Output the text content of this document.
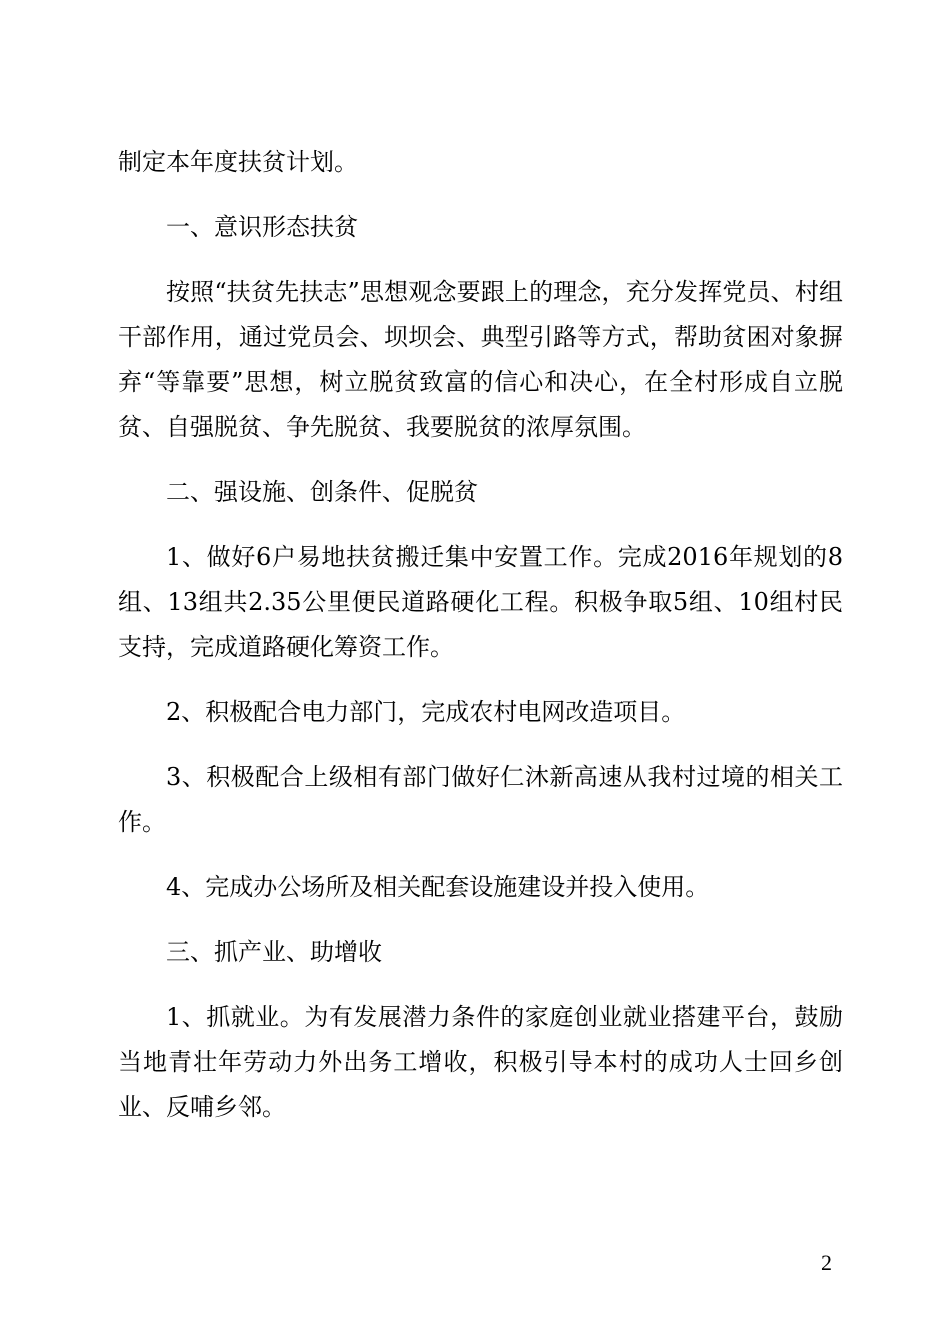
制定本年度扶贫计划。

一、意识形态扶贫

按照“扶贫先扶志”思想观念要跟上的理念，充分发挥党员、村组干部作用，通过党员会、坝坝会、典型引路等方式，帮助贫困对象摒弃“等靠要”思想，树立脱贫致富的信心和决心，在全村形成自立脱贫、自强脱贫、争先脱贫、我要脱贫的浓厚氛围。

二、强设施、创条件、促脱贫

1、做好6户易地扶贫搬迁集中安置工作。完成2016年规划的8组、13组共2.35公里便民道路硬化工程。积极争取5组、10组村民支持，完成道路硬化筹资工作。

2、积极配合电力部门，完成农村电网改造项目。

3、积极配合上级相有部门做好仁沐新高速从我村过境的相关工作。

4、完成办公场所及相关配套设施建设并投入使用。

三、抓产业、助增收

1、抓就业。为有发展潜力条件的家庭创业就业搭建平台，鼓励当地青壮年劳动力外出务工增收，积极引导本村的成功人士回乡创业、反哺乡邻。

2
